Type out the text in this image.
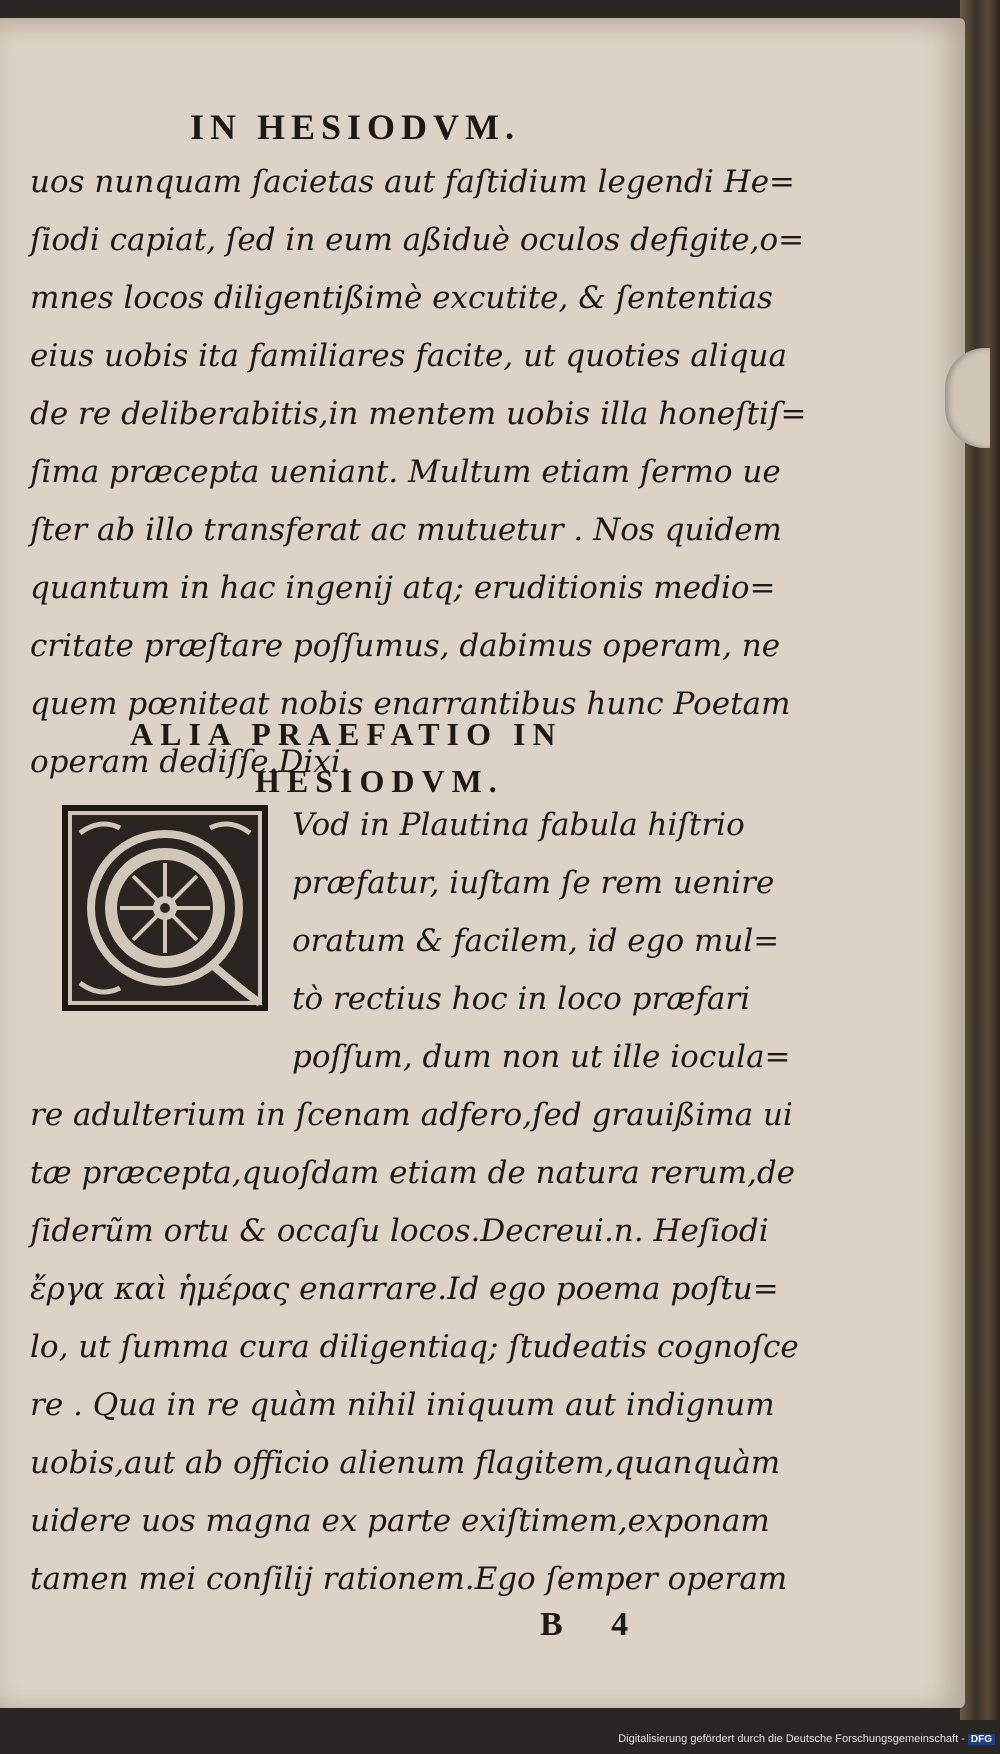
IN HESIODVM.
uos nunquam ſacietas aut faſtidium legendi He=
ſiodi capiat, ſed in eum aßiduè oculos defigite,o=
mnes locos diligentißimè excutite, & ſententias
eius uobis ita familiares facite, ut quoties aliqua
de re deliberabitis,in mentem uobis illa honeſtiſ=
ſima præcepta ueniant. Multum etiam ſermo ue
ſter ab illo transferat ac mutuetur . Nos quidem
quantum in hac ingenij atq; eruditionis medio=
critate præſtare poſſumus, dabimus operam, ne
quem pœniteat nobis enarrantibus hunc Poetam
operam dediſſe.Dixi.
ALIA PRAEFATIO IN
HESIODVM.
Vod in Plautina fabula hiſtrio
præfatur, iuſtam ſe rem uenire
oratum & facilem, id ego mul=
tò rectius hoc in loco præfari
poſſum, dum non ut ille iocula=
re adulterium in ſcenam adfero,ſed grauißima ui
tæ præcepta,quoſdam etiam de natura rerum,de
ſiderũm ortu & occaſu locos.Decreui.n. Heſiodi
ἔργα καὶ ἡμέρας enarrare.Id ego poema poſtu=
lo, ut ſumma cura diligentiaq; ſtudeatis cognoſce
re . Qua in re quàm nihil iniquum aut indignum
uobis,aut ab officio alienum flagitem,quanquàm
uidere uos magna ex parte exiſtimem,exponam
tamen mei conſilij rationem.Ego ſemper operam
B 4
Digitalisierung gefördert durch die Deutsche Forschungsgemeinschaft - DFG
